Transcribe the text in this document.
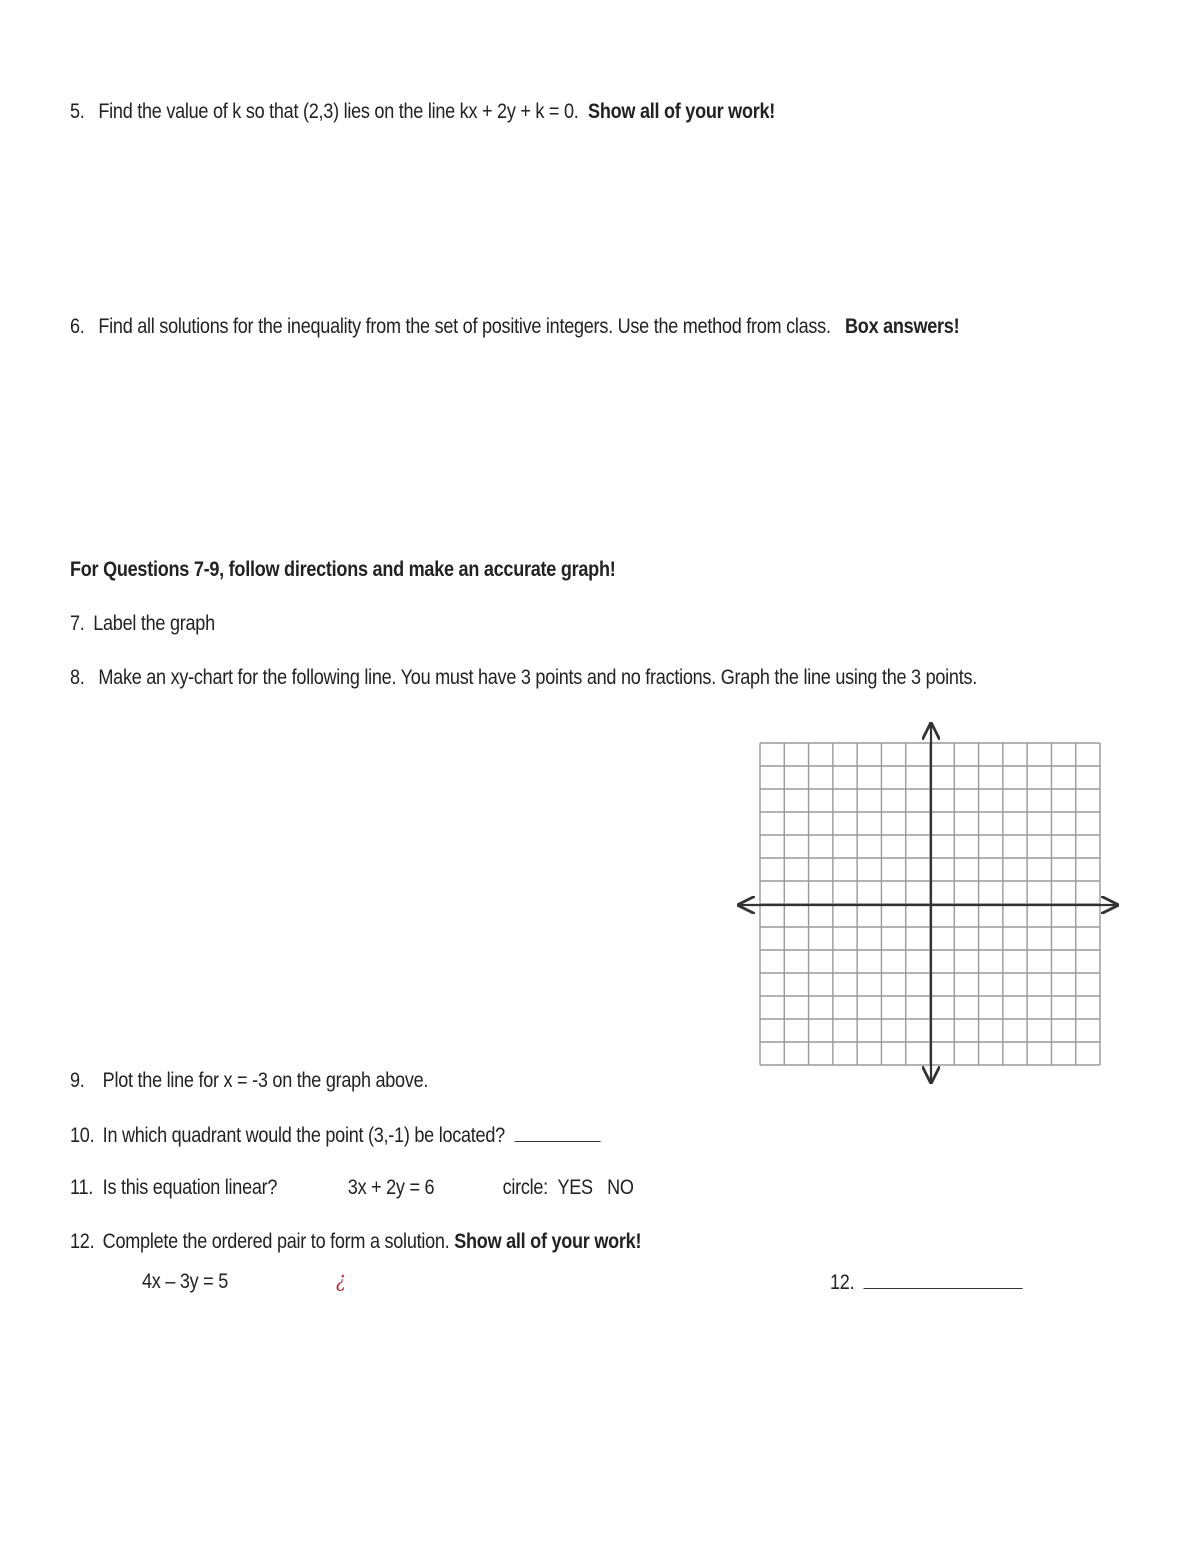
5. Find the value of k so that (2,3) lies on the line kx + 2y + k = 0. Show all of your work!
6. Find all solutions for the inequality from the set of positive integers. Use the method from class. Box answers!
For Questions 7-9, follow directions and make an accurate graph!
7. Label the graph
8. Make an xy-chart for the following line. You must have 3 points and no fractions. Graph the line using the 3 points.
9. Plot the line for x = -3 on the graph above.
10. In which quadrant would the point (3,-1) be located?
11. Is this equation linear?	3x + 2y = 6	circle: YES NO
12. Complete the ordered pair to form a solution. Show all of your work!
4x – 3y = 5	¿	12.
